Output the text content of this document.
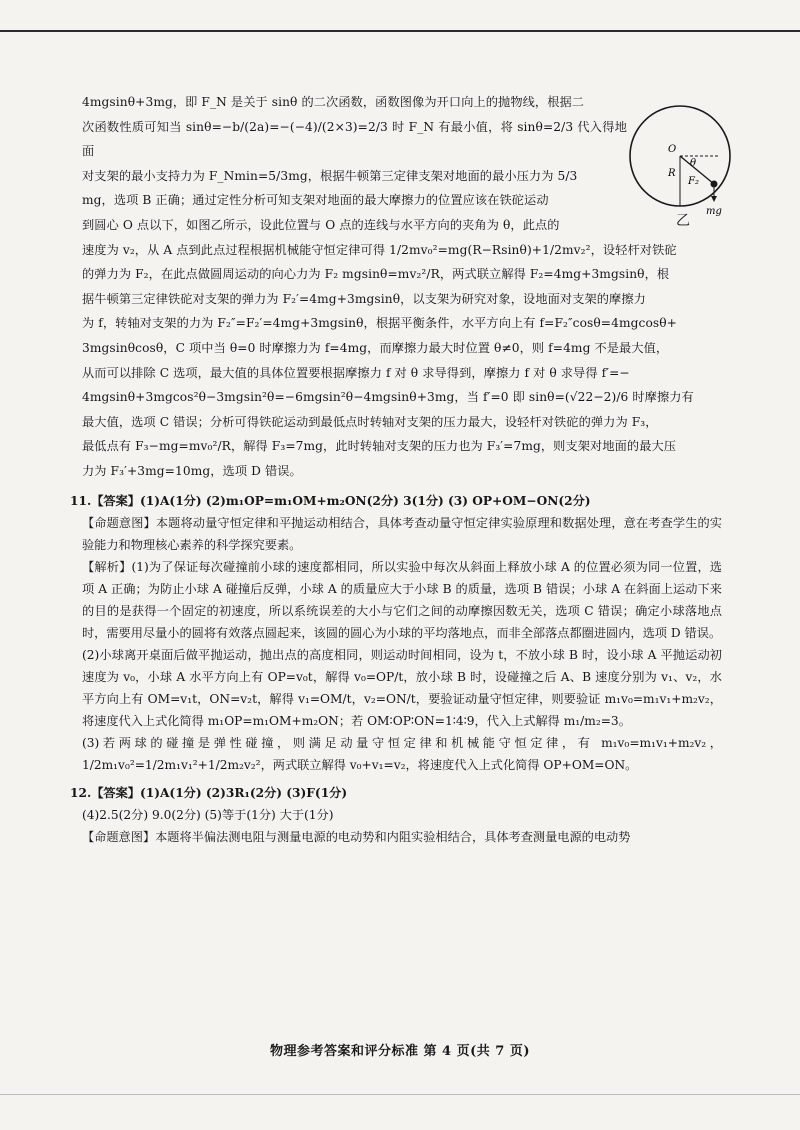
O
R
θ
F₂
mg
乙

4mgsinθ+3mg，即 F_N 是关于 sinθ 的二次函数，函数图像为开口向上的抛物线，根据二

次函数性质可知当 sinθ=−b/(2a)=−(−4)/(2×3)=2/3 时 F_N 有最小值，将 sinθ=2/3 代入得地面

对支架的最小支持力为 F_Nmin=5/3mg，根据牛顿第三定律支架对地面的最小压力为 5/3

mg，选项 B 正确；通过定性分析可知支架对地面的最大摩擦力的位置应该在铁砣运动

到圆心 O 点以下，如图乙所示，设此位置与 O 点的连线与水平方向的夹角为 θ，此点的

速度为 v₂，从 A 点到此点过程根据机械能守恒定律可得 1/2mv₀²=mg(R−Rsinθ)+1/2mv₂²，设轻杆对铁砣

的弹力为 F₂，在此点做圆周运动的向心力为 F₂ mgsinθ=mv₂²/R，两式联立解得 F₂=4mg+3mgsinθ，根

据牛顿第三定律铁砣对支架的弹力为 F₂′=4mg+3mgsinθ，以支架为研究对象，设地面对支架的摩擦力

为 f，转轴对支架的力为 F₂″=F₂′=4mg+3mgsinθ，根据平衡条件，水平方向上有 f=F₂″cosθ=4mgcosθ+

3mgsinθcosθ，C 项中当 θ=0 时摩擦力为 f=4mg，而摩擦力最大时位置 θ≠0，则 f=4mg 不是最大值，

从而可以排除 C 选项，最大值的具体位置要根据摩擦力 f 对 θ 求导得到，摩擦力 f 对 θ 求导得 f′=−

4mgsinθ+3mgcos²θ−3mgsin²θ=−6mgsin²θ−4mgsinθ+3mg，当 f′=0 即 sinθ=(√22−2)/6 时摩擦力有

最大值，选项 C 错误；分析可得铁砣运动到最低点时转轴对支架的压力最大，设轻杆对铁砣的弹力为 F₃，

最低点有 F₃−mg=mv₀²/R，解得 F₃=7mg，此时转轴对支架的压力也为 F₃′=7mg，则支架对地面的最大压

力为 F₃′+3mg=10mg，选项 D 错误。

11.【答案】(1)A(1分) (2)m₁OP=m₁OM+m₂ON(2分) 3(1分) (3) OP+OM−ON(2分)

【命题意图】本题将动量守恒定律和平抛运动相结合，具体考查动量守恒定律实验原理和数据处理，意在考查学生的实验能力和物理核心素养的科学探究要素。

【解析】(1)为了保证每次碰撞前小球的速度都相同，所以实验中每次从斜面上释放小球 A 的位置必须为同一位置，选项 A 正确；为防止小球 A 碰撞后反弹，小球 A 的质量应大于小球 B 的质量，选项 B 错误；小球 A 在斜面上运动下来的目的是获得一个固定的初速度，所以系统误差的大小与它们之间的动摩擦因数无关，选项 C 错误；确定小球落地点时，需要用尽量小的圆将有效落点圆起来，该圆的圆心为小球的平均落地点，而非全部落点都圈进圆内，选项 D 错误。

(2)小球离开桌面后做平抛运动，抛出点的高度相同，则运动时间相同，设为 t，不放小球 B 时，设小球 A 平抛运动初速度为 v₀，小球 A 水平方向上有 OP=v₀t，解得 v₀=OP/t，放小球 B 时，设碰撞之后 A、B 速度分别为 v₁、v₂，水平方向上有 OM=v₁t，ON=v₂t，解得 v₁=OM/t，v₂=ON/t，要验证动量守恒定律，则要验证 m₁v₀=m₁v₁+m₂v₂，将速度代入上式化简得 m₁OP=m₁OM+m₂ON；若 OM∶OP∶ON=1∶4∶9，代入上式解得 m₁/m₂=3。

(3)若两球的碰撞是弹性碰撞，则满足动量守恒定律和机械能守恒定律，有 m₁v₀=m₁v₁+m₂v₂，1/2m₁v₀²=1/2m₁v₁²+1/2m₂v₂²，两式联立解得 v₀+v₁=v₂，将速度代入上式化简得 OP+OM=ON。

12.【答案】(1)A(1分) (2)3R₁(2分) (3)F(1分)

(4)2.5(2分) 9.0(2分) (5)等于(1分) 大于(1分)

【命题意图】本题将半偏法测电阻与测量电源的电动势和内阻实验相结合，具体考查测量电源的电动势

物理参考答案和评分标准 第 4 页(共 7 页)
